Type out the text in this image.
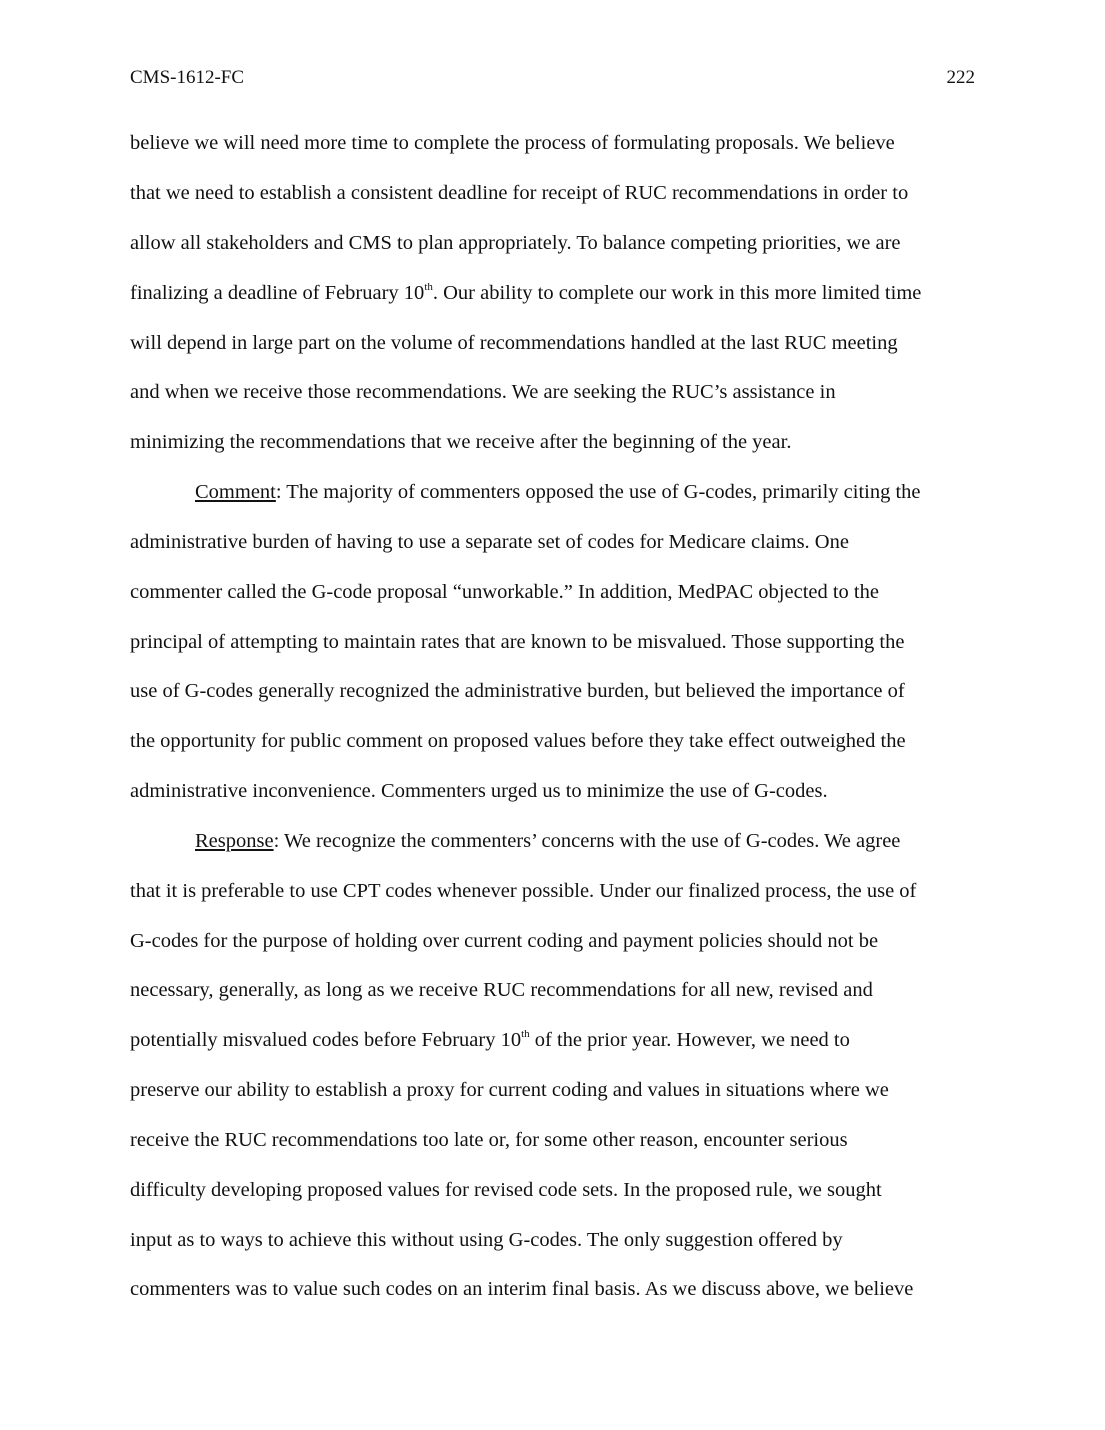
CMS-1612-FC	222
believe we will need more time to complete the process of formulating proposals. We believe
that we need to establish a consistent deadline for receipt of RUC recommendations in order to
allow all stakeholders and CMS to plan appropriately. To balance competing priorities, we are
finalizing a deadline of February 10th. Our ability to complete our work in this more limited time
will depend in large part on the volume of recommendations handled at the last RUC meeting
and when we receive those recommendations. We are seeking the RUC’s assistance in
minimizing the recommendations that we receive after the beginning of the year.
Comment: The majority of commenters opposed the use of G-codes, primarily citing the
administrative burden of having to use a separate set of codes for Medicare claims. One
commenter called the G-code proposal “unworkable.” In addition, MedPAC objected to the
principal of attempting to maintain rates that are known to be misvalued. Those supporting the
use of G-codes generally recognized the administrative burden, but believed the importance of
the opportunity for public comment on proposed values before they take effect outweighed the
administrative inconvenience. Commenters urged us to minimize the use of G-codes.
Response: We recognize the commenters’ concerns with the use of G-codes. We agree
that it is preferable to use CPT codes whenever possible. Under our finalized process, the use of
G-codes for the purpose of holding over current coding and payment policies should not be
necessary, generally, as long as we receive RUC recommendations for all new, revised and
potentially misvalued codes before February 10th of the prior year. However, we need to
preserve our ability to establish a proxy for current coding and values in situations where we
receive the RUC recommendations too late or, for some other reason, encounter serious
difficulty developing proposed values for revised code sets. In the proposed rule, we sought
input as to ways to achieve this without using G-codes. The only suggestion offered by
commenters was to value such codes on an interim final basis. As we discuss above, we believe
